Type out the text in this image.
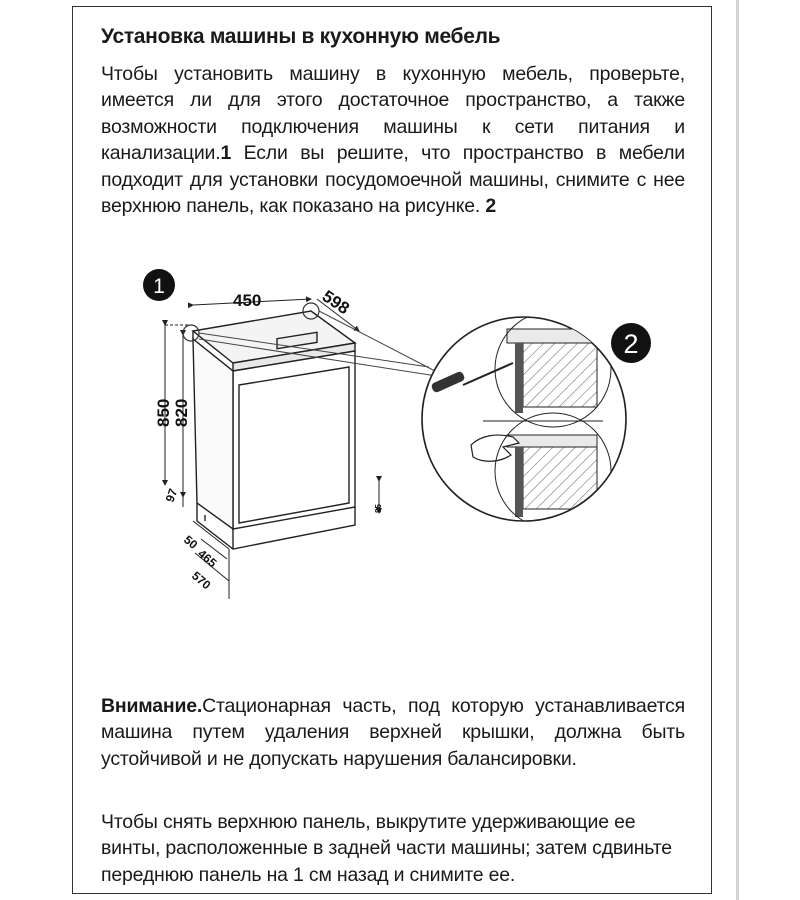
Установка машины в кухонную мебель

Чтобы установить машину в кухонную мебель, проверьте, имеется ли для этого достаточное пространство, а также возможности подключения машины к сети питания и канализации.1 Если вы решите, что пространство в мебели подходит для установки посудомоечной машины, снимите с нее верхнюю панель, как показано на рисунке. 2

450	598
850 820
97
50
465
570
85
1
2

Внимание.Стационарная часть, под которую устанавливается машина путем удаления верхней крышки, должна быть устойчивой и не допускать нарушения балансировки.

Чтобы снять верхнюю панель, выкрутите удерживающие ее винты, расположенные в задней части машины; затем сдвиньте переднюю панель на 1 см назад и снимите ее.
